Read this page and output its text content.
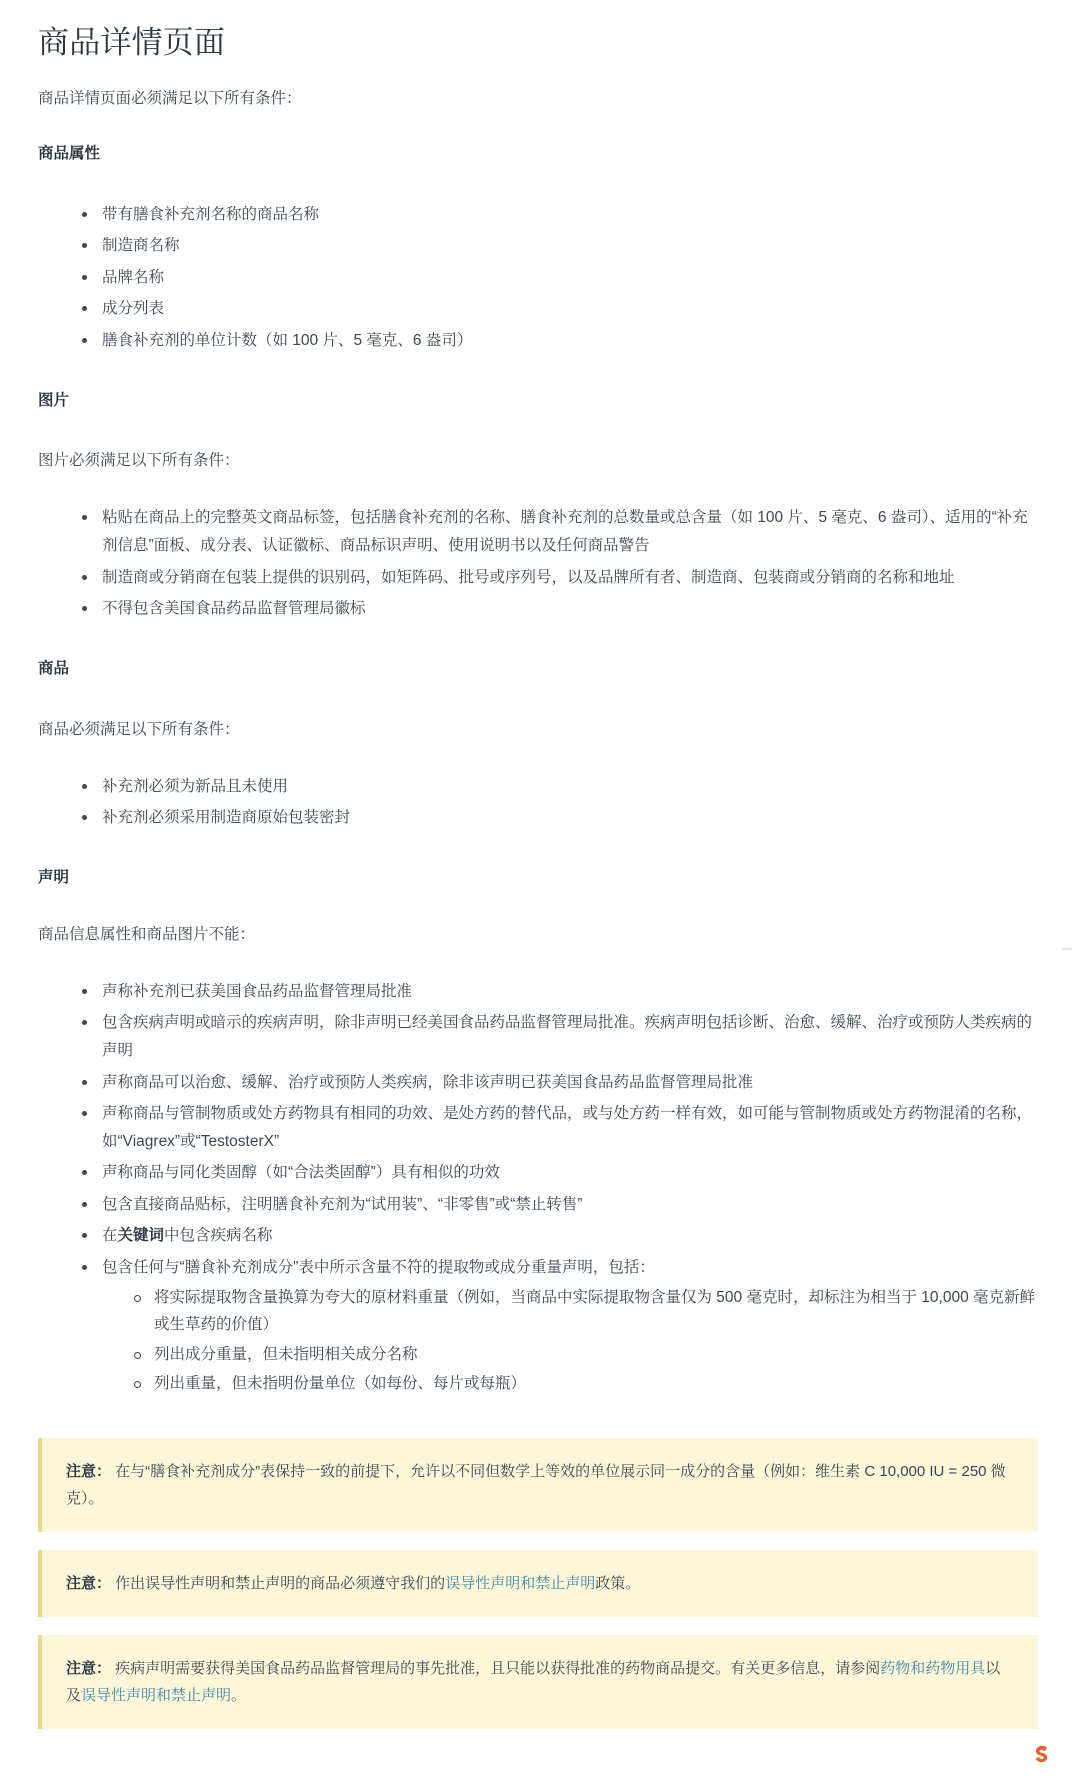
商品详情页面

商品详情页面必须满足以下所有条件：

商品属性
带有膳食补充剂名称的商品名称
制造商名称
品牌名称
成分列表
膳食补充剂的单位计数（如 100 片、5 毫克、6 盎司）
图片

图片必须满足以下所有条件：

粘贴在商品上的完整英文商品标签，包括膳食补充剂的名称、膳食补充剂的总数量或总含量（如 100 片、5 毫克、6 盎司）、适用的“补充剂信息”面板、成分表、认证徽标、商品标识声明、使用说明书以及任何商品警告
制造商或分销商在包装上提供的识别码，如矩阵码、批号或序列号，以及品牌所有者、制造商、包装商或分销商的名称和地址
不得包含美国食品药品监督管理局徽标
商品

商品必须满足以下所有条件：

补充剂必须为新品且未使用
补充剂必须采用制造商原始包装密封
声明

商品信息属性和商品图片不能：

声称补充剂已获美国食品药品监督管理局批准
包含疾病声明或暗示的疾病声明，除非声明已经美国食品药品监督管理局批准。疾病声明包括诊断、治愈、缓解、治疗或预防人类疾病的声明
声称商品可以治愈、缓解、治疗或预防人类疾病，除非该声明已获美国食品药品监督管理局批准
声称商品与管制物质或处方药物具有相同的功效、是处方药的替代品，或与处方药一样有效，如可能与管制物质或处方药物混淆的名称，如“Viagrex”或“TestosterX”
声称商品与同化类固醇（如“合法类固醇”）具有相似的功效
包含直接商品贴标，注明膳食补充剂为“试用装”、“非零售”或“禁止转售”
在关键词中包含疾病名称
包含任何与“膳食补充剂成分”表中所示含量不符的提取物或成分重量声明，包括：
将实际提取物含量换算为夸大的原材料重量（例如，当商品中实际提取物含量仅为 500 毫克时，却标注为相当于 10,000 毫克新鲜或生草药的价值）
列出成分重量，但未指明相关成分名称
列出重量，但未指明份量单位（如每份、每片或每瓶）
注意： 在与“膳食补充剂成分”表保持一致的前提下，允许以不同但数学上等效的单位展示同一成分的含量（例如：维生素 C 10,000 IU = 250 微克）。
注意： 作出误导性声明和禁止声明的商品必须遵守我们的误导性声明和禁止声明政策。
注意： 疾病声明需要获得美国食品药品监督管理局的事先批准，且只能以获得批准的药物商品提交。有关更多信息，请参阅药物和药物用具以及误导性声明和禁止声明。
